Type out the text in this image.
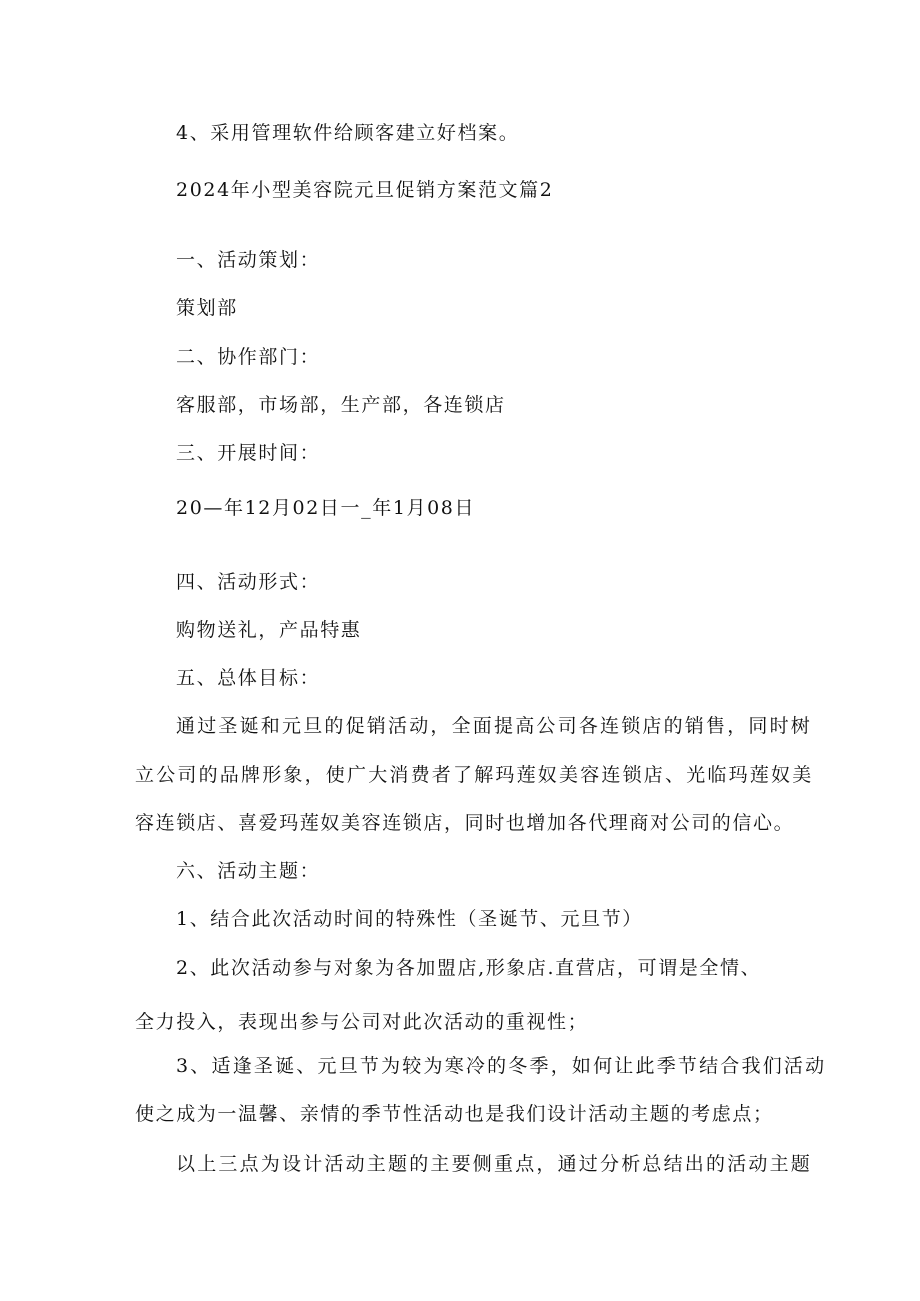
4、采用管理软件给顾客建立好档案。
2024年小型美容院元旦促销方案范文篇2
一、活动策划：
策划部
二、协作部门：
客服部，市场部，生产部，各连锁店
三、开展时间：
20—年12月02日一_年1月08日
四、活动形式：
购物送礼，产品特惠
五、总体目标：
通过圣诞和元旦的促销活动，全面提高公司各连锁店的销售，同时树
立公司的品牌形象，使广大消费者了解玛莲奴美容连锁店、光临玛莲奴美
容连锁店、喜爱玛莲奴美容连锁店，同时也增加各代理商对公司的信心。
六、活动主题：
1、结合此次活动时间的特殊性（圣诞节、元旦节）
2、此次活动参与对象为各加盟店,形象店.直营店，可谓是全情、
全力投入，表现出参与公司对此次活动的重视性；
3、适逢圣诞、元旦节为较为寒冷的冬季，如何让此季节结合我们活动
使之成为一温馨、亲情的季节性活动也是我们设计活动主题的考虑点；
以上三点为设计活动主题的主要侧重点，通过分析总结出的活动主题
